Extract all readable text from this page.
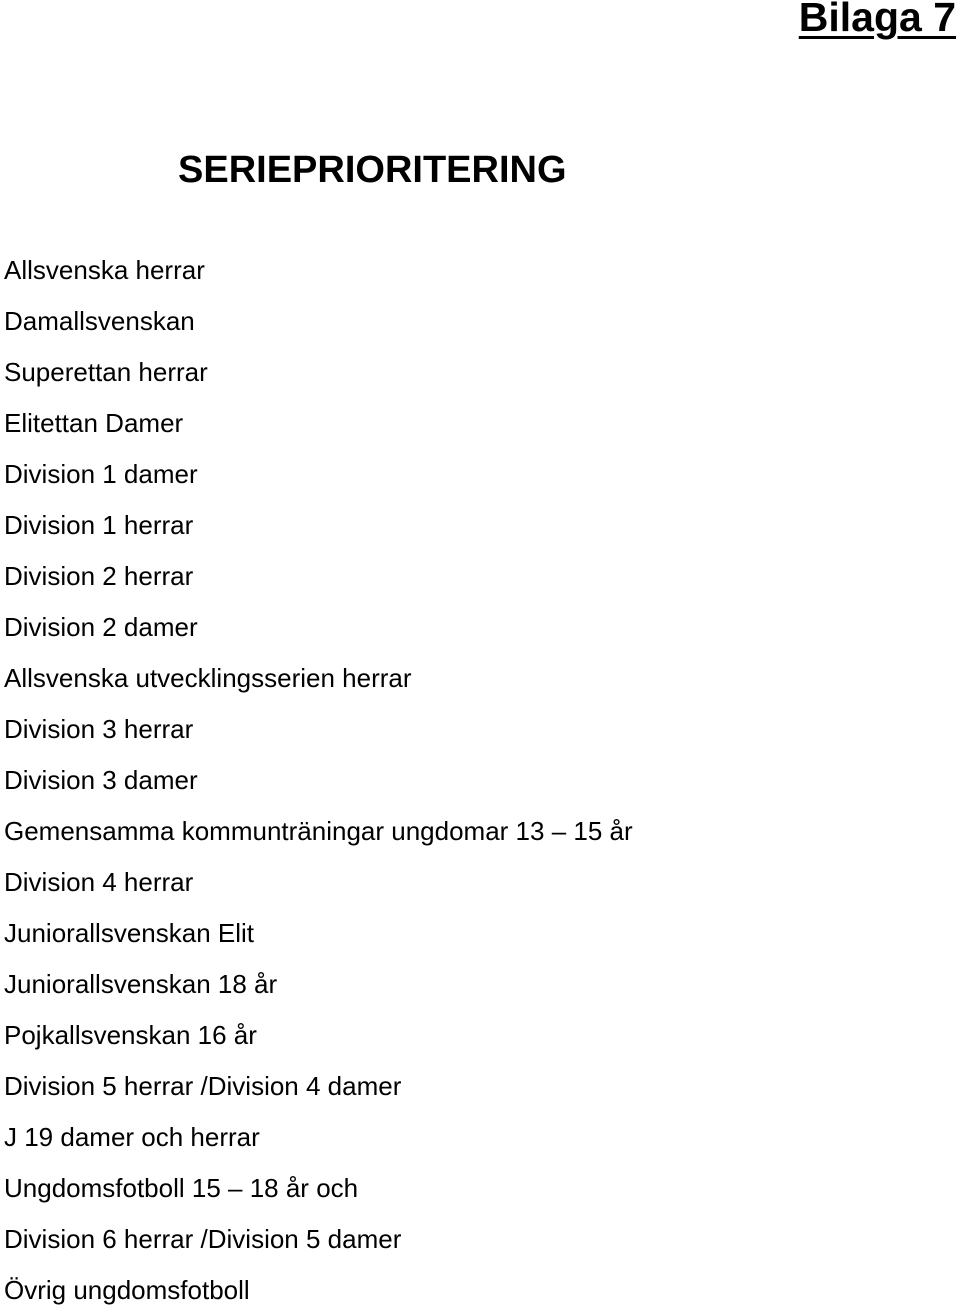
Bilaga 7
SERIEPRIORITERING
Allsvenska herrar
Damallsvenskan
Superettan herrar
Elitettan Damer
Division 1 damer
Division 1 herrar
Division 2 herrar
Division 2 damer
Allsvenska utvecklingsserien herrar
Division 3 herrar
Division 3 damer
Gemensamma kommunträningar ungdomar 13 – 15 år
Division 4 herrar
Juniorallsvenskan Elit
Juniorallsvenskan 18 år
Pojkallsvenskan 16 år
Division 5 herrar /Division 4 damer
J 19 damer och herrar
Ungdomsfotboll 15 – 18 år och
Division 6 herrar /Division 5 damer
Övrig ungdomsfotboll
